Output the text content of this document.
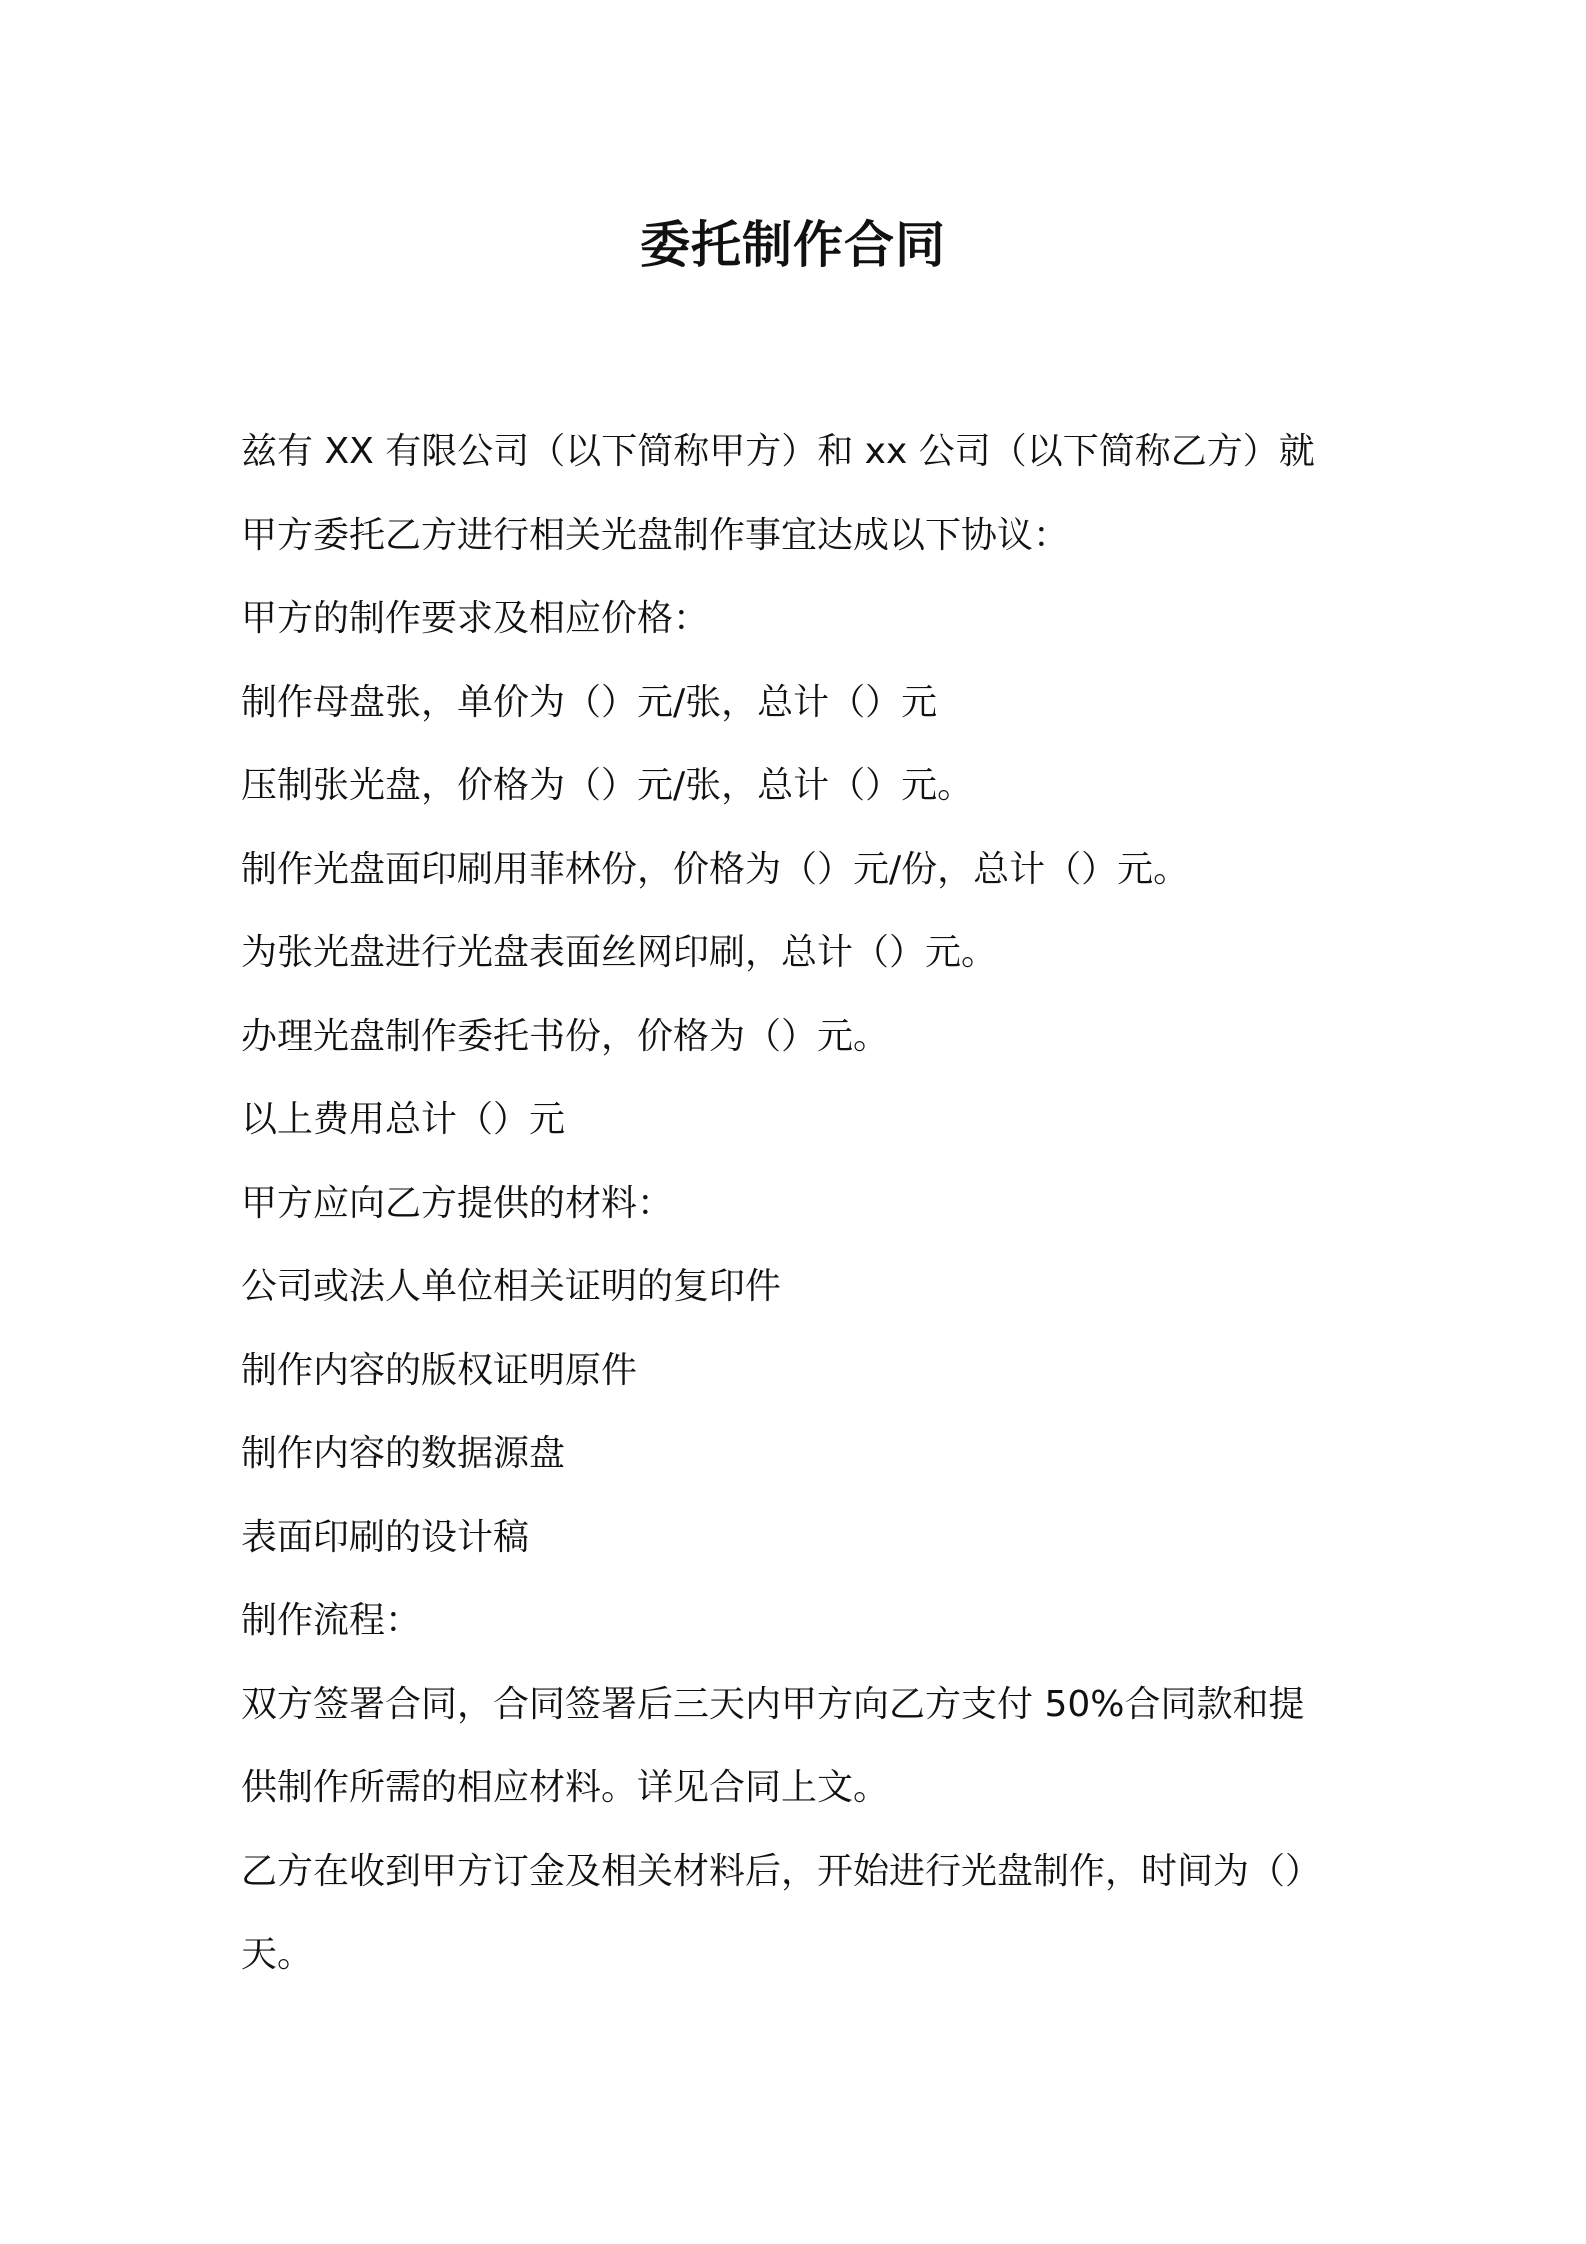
委托制作合同

兹有 XX 有限公司（以下简称甲方）和 xx 公司（以下简称乙方）就

甲方委托乙方进行相关光盘制作事宜达成以下协议：

甲方的制作要求及相应价格：

制作母盘张，单价为（）元/张，总计（）元

压制张光盘，价格为（）元/张，总计（）元。

制作光盘面印刷用菲林份，价格为（）元/份，总计（）元。

为张光盘进行光盘表面丝网印刷，总计（）元。

办理光盘制作委托书份，价格为（）元。

以上费用总计（）元

甲方应向乙方提供的材料：

公司或法人单位相关证明的复印件

制作内容的版权证明原件

制作内容的数据源盘

表面印刷的设计稿

制作流程：

双方签署合同，合同签署后三天内甲方向乙方支付 50%合同款和提

供制作所需的相应材料。详见合同上文。

乙方在收到甲方订金及相关材料后，开始进行光盘制作，时间为（）

天。
